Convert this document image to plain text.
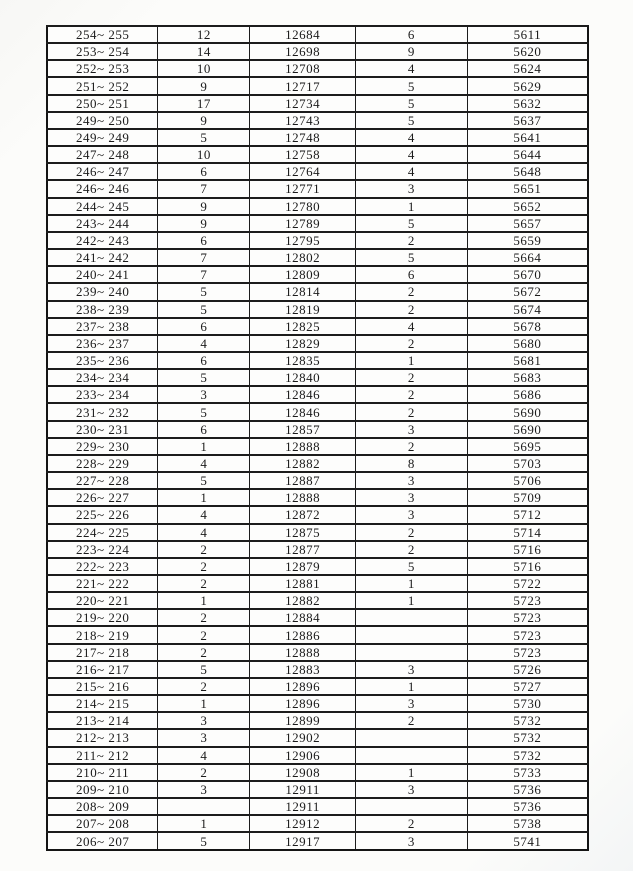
254~ 255	12	12684	6	5611
253~ 254	14	12698	9	5620
252~ 253	10	12708	4	5624
251~ 252	9	12717	5	5629
250~ 251	17	12734	5	5632
249~ 250	9	12743	5	5637
249~ 249	5	12748	4	5641
247~ 248	10	12758	4	5644
246~ 247	6	12764	4	5648
246~ 246	7	12771	3	5651
244~ 245	9	12780	1	5652
243~ 244	9	12789	5	5657
242~ 243	6	12795	2	5659
241~ 242	7	12802	5	5664
240~ 241	7	12809	6	5670
239~ 240	5	12814	2	5672
238~ 239	5	12819	2	5674
237~ 238	6	12825	4	5678
236~ 237	4	12829	2	5680
235~ 236	6	12835	1	5681
234~ 234	5	12840	2	5683
233~ 234	3	12846	2	5686
231~ 232	5	12846	2	5690
230~ 231	6	12857	3	5690
229~ 230	1	12888	2	5695
228~ 229	4	12882	8	5703
227~ 228	5	12887	3	5706
226~ 227	1	12888	3	5709
225~ 226	4	12872	3	5712
224~ 225	4	12875	2	5714
223~ 224	2	12877	2	5716
222~ 223	2	12879	5	5716
221~ 222	2	12881	1	5722
220~ 221	1	12882	1	5723
219~ 220	2	12884		5723
218~ 219	2	12886		5723
217~ 218	2	12888		5723
216~ 217	5	12883	3	5726
215~ 216	2	12896	1	5727
214~ 215	1	12896	3	5730
213~ 214	3	12899	2	5732
212~ 213	3	12902		5732
211~ 212	4	12906		5732
210~ 211	2	12908	1	5733
209~ 210	3	12911	3	5736
208~ 209		12911		5736
207~ 208	1	12912	2	5738
206~ 207	5	12917	3	5741
